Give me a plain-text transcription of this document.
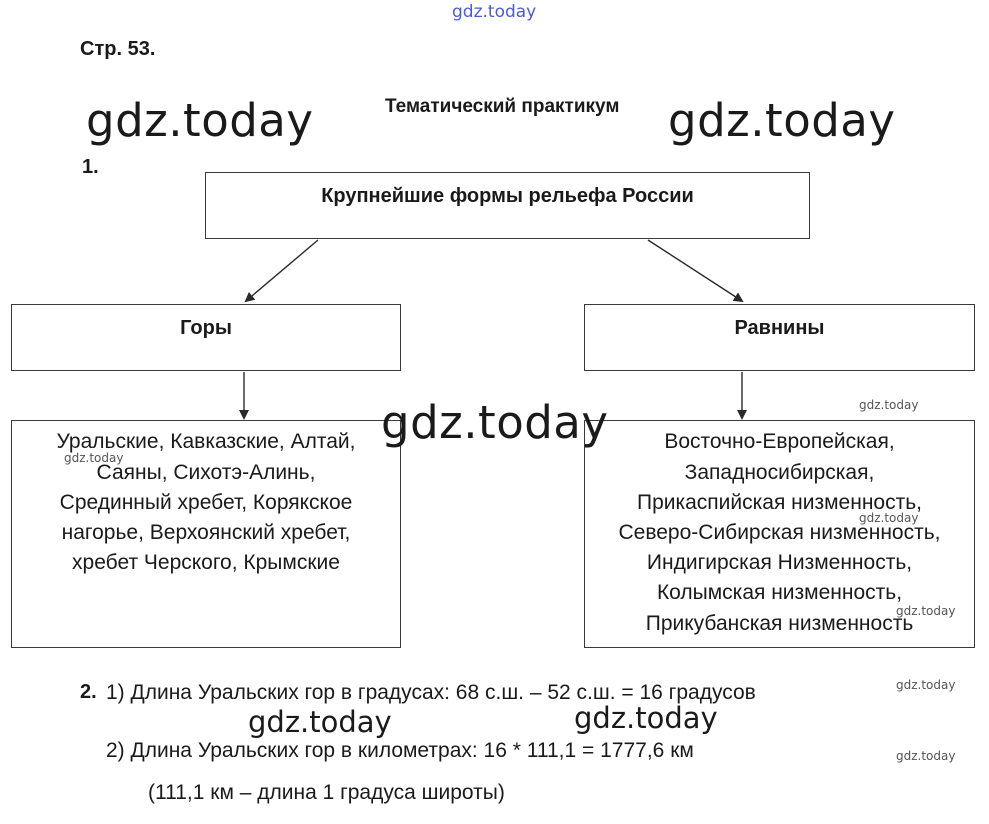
gdz.today
Стр. 53.
Тематический практикум
gdz.today	gdz.today
1.
Крупнейшие формы рельефа России
Горы	Равнины
Уральские, Кавказские, Алтай,
Саяны, Сихотэ-Алинь,
Срединный хребет, Корякское
нагорье, Верхоянский хребет,
хребет Черского, Крымские
Восточно-Европейская,
Западносибирская,
Прикаспийская низменность,
Северо-Сибирская низменность,
Индигирская Низменность,
Колымская низменность,
Прикубанская низменность
gdz.today
gdz.today
gdz.today
gdz.today
gdz.today
gdz.today
gdz.today
2. 1) Длина Уральских гор в градусах: 68 с.ш. – 52 с.ш. = 16 градусов
gdz.today	gdz.today
2) Длина Уральских гор в километрах: 16 * 111,1 = 1777,6 км
(111,1 км – длина 1 градуса широты)
